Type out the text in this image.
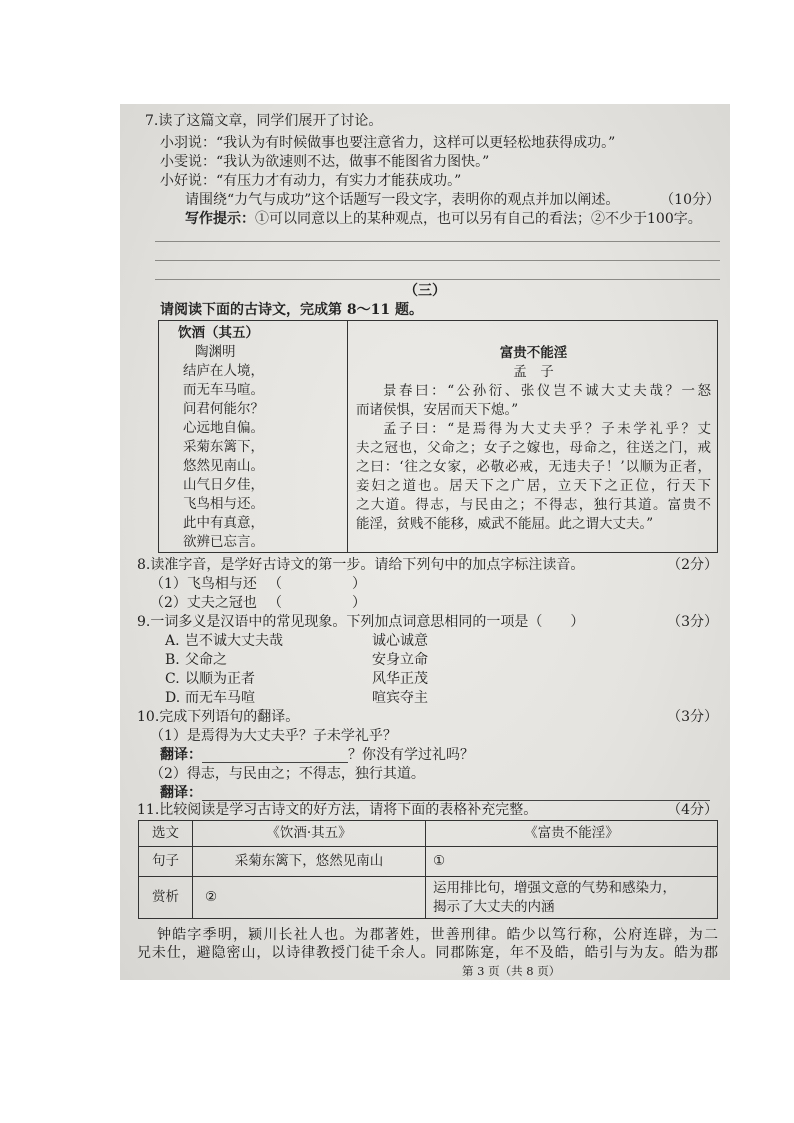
7.读了这篇文章，同学们展开了讨论。
小羽说：“我认为有时候做事也要注意省力，这样可以更轻松地获得成功。”
小雯说：“我认为欲速则不达，做事不能图省力图快。”
小好说：“有压力才有动力，有实力才能获成功。”
请围绕“力气与成功”这个话题写一段文字，表明你的观点并加以阐述。	（10分）
写作提示：①可以同意以上的某种观点，也可以另有自己的看法；②不少于100字。
（三）
请阅读下面的古诗文，完成第 8～11 题。
饮酒（其五）
陶渊明
结庐在人境，
而无车马喧。
问君何能尔？
心远地自偏。
采菊东篱下，
悠然见南山。
山气日夕佳，
飞鸟相与还。
此中有真意，
欲辨已忘言。
富贵不能淫
孟　子
景春曰：“公孙衍、张仪岂不诚大丈夫哉？一怒
而诸侯惧，安居而天下熄。”
孟子曰：“是焉得为大丈夫乎？子未学礼乎？丈
夫之冠也，父命之；女子之嫁也，母命之，往送之门，戒
之曰：‘往之女家，必敬必戒，无违夫子！’以顺为正者，
妾妇之道也。居天下之广居，立天下之正位，行天下
之大道。得志，与民由之；不得志，独行其道。富贵不
能淫，贫贱不能移，威武不能屈。此之谓大丈夫。”
8.读准字音，是学好古诗文的第一步。请给下列句中的加点字标注读音。	（2分）
（1）飞鸟相与还 （　　　　　）
（2）丈夫之冠也 （　　　　　）
9.一词多义是汉语中的常见现象。下列加点词意思相同的一项是（　　）	（3分）
A. 岂不诚大丈夫哉	诚心诚意
B. 父命之	安身立命
C. 以顺为正者	风华正茂
D. 而无车马喧	喧宾夺主
10.完成下列语句的翻译。	（3分）
（1）是焉得为大丈夫乎？子未学礼乎？
翻译：	？你没有学过礼吗？
（2）得志，与民由之；不得志，独行其道。
翻译：
11.比较阅读是学习古诗文的好方法，请将下面的表格补充完整。	（4分）
选文	《饮酒·其五》	《富贵不能淫》
句子	采菊东篱下，悠然见南山	①
赏析	②	运用排比句，增强文意的气势和感染力，
揭示了大丈夫的内涵
钟皓字季明，颍川长社人也。为郡著姓，世善刑律。皓少以笃行称，公府连辟，为二
兄未仕，避隐密山，以诗律教授门徒千余人。同郡陈寔，年不及皓，皓引与为友。皓为郡
第 3 页（共 8 页）
